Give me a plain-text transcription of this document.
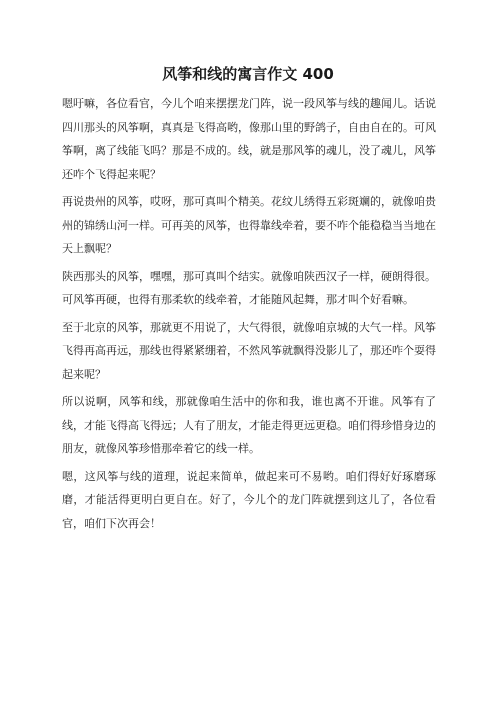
风筝和线的寓言作文 400

嗯吁嘛，各位看官，今儿个咱来摆摆龙门阵，说一段风筝与线的趣闻儿。话说四川那头的风筝啊，真真是飞得高哟，像那山里的野鸽子，自由自在的。可风筝啊，离了线能飞吗？那是不成的。线，就是那风筝的魂儿，没了魂儿，风筝还咋个飞得起来呢？

再说贵州的风筝，哎呀，那可真叫个精美。花纹儿绣得五彩斑斓的，就像咱贵州的锦绣山河一样。可再美的风筝，也得靠线牵着，要不咋个能稳稳当当地在天上飘呢？

陕西那头的风筝，嘿嘿，那可真叫个结实。就像咱陕西汉子一样，硬朗得很。可风筝再硬，也得有那柔软的线牵着，才能随风起舞，那才叫个好看嘛。

至于北京的风筝，那就更不用说了，大气得很，就像咱京城的大气一样。风筝飞得再高再远，那线也得紧紧绷着，不然风筝就飘得没影儿了，那还咋个耍得起来呢？

所以说啊，风筝和线，那就像咱生活中的你和我，谁也离不开谁。风筝有了线，才能飞得高飞得远；人有了朋友，才能走得更远更稳。咱们得珍惜身边的朋友，就像风筝珍惜那牵着它的线一样。

嗯，这风筝与线的道理，说起来简单，做起来可不易哟。咱们得好好琢磨琢磨，才能活得更明白更自在。好了，今儿个的龙门阵就摆到这儿了，各位看官，咱们下次再会！
